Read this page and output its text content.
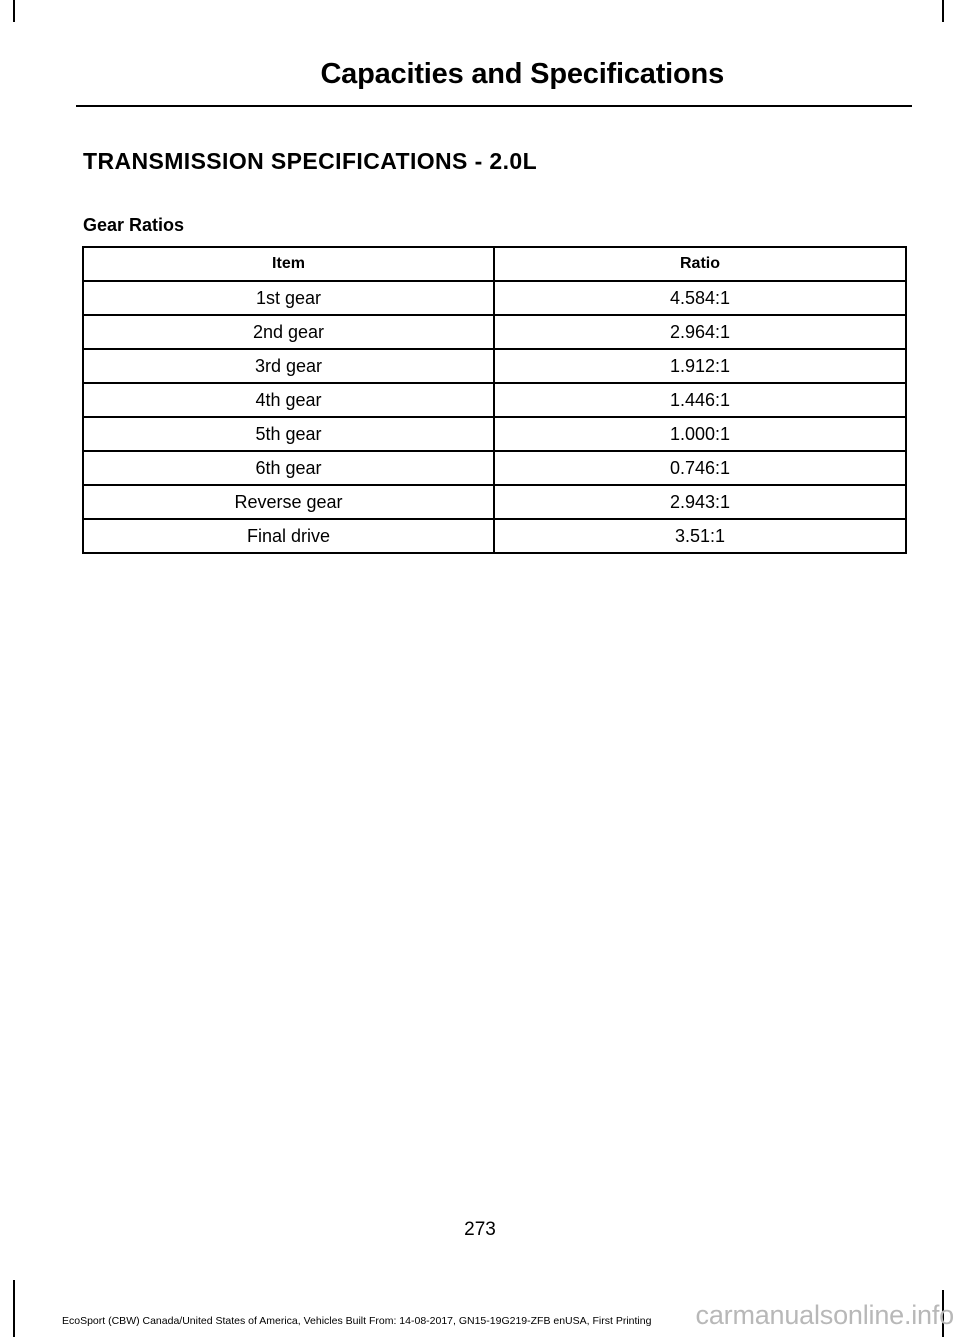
Capacities and Specifications
TRANSMISSION SPECIFICATIONS - 2.0L
Gear Ratios
Item	Ratio
1st gear	4.584:1
2nd gear	2.964:1
3rd gear	1.912:1
4th gear	1.446:1
5th gear	1.000:1
6th gear	0.746:1
Reverse gear	2.943:1
Final drive	3.51:1
273
EcoSport (CBW) Canada/United States of America, Vehicles Built From: 14-08-2017, GN15-19G219-ZFB enUSA, First Printing carmanualsonline.info
